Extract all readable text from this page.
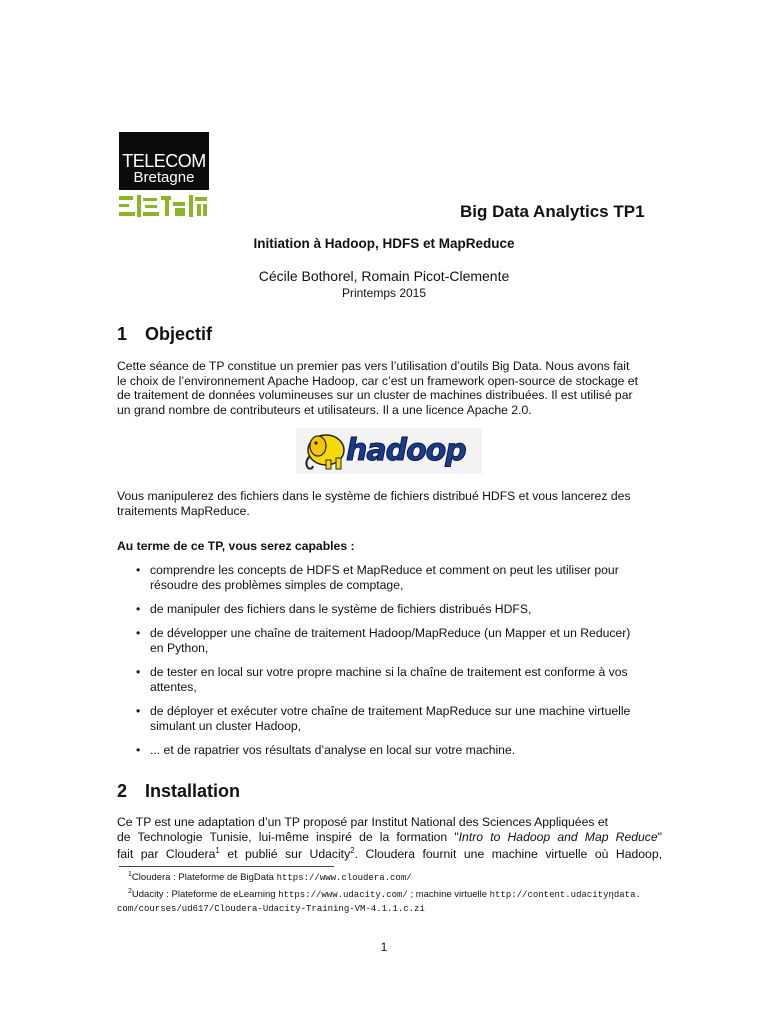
TELECOM
Bretagne
Big Data Analytics TP1
Initiation à Hadoop, HDFS et MapReduce
Cécile Bothorel, Romain Picot-Clemente
Printemps 2015
1 Objectif
Cette séance de TP constitue un premier pas vers l’utilisation d’outils Big Data. Nous avons fait
le choix de l’environnement Apache Hadoop, car c’est un framework open-source de stockage et
de traitement de données volumineuses sur un cluster de machines distribuées. Il est utilisé par
un grand nombre de contributeurs et utilisateurs. Il a une licence Apache 2.0.
hadoop
Vous manipulerez des fichiers dans le système de fichiers distribué HDFS et vous lancerez des
traitements MapReduce.
Au terme de ce TP, vous serez capables :
• comprendre les concepts de HDFS et MapReduce et comment on peut les utiliser pour
résoudre des problèmes simples de comptage,
• de manipuler des fichiers dans le système de fichiers distribués HDFS,
• de développer une chaîne de traitement Hadoop/MapReduce (un Mapper et un Reducer)
en Python,
• de tester en local sur votre propre machine si la chaîne de traitement est conforme à vos
attentes,
• de déployer et exécuter votre chaîne de traitement MapReduce sur une machine virtuelle
simulant un cluster Hadoop,
• ... et de rapatrier vos résultats d’analyse en local sur votre machine.
2 Installation
Ce TP est une adaptation d’un TP proposé par Institut National des Sciences Appliquées et
de Technologie Tunisie, lui-même inspiré de la formation "Intro to Hadoop and Map Reduce"
fait par Cloudera$^1$ et publié sur Udacity$^2$. Cloudera fournit une machine virtuelle où Hadoop,
$^1$Cloudera : Plateforme de BigData https://www.cloudera.com/
$^2$Udacity : Plateforme de eLearning https://www.udacity.com/ ; machine virtuelle http://content.udacityηdata.
com/courses/ud617/Cloudera-Udacity-Training-VM-4.1.1.c.zi
1
